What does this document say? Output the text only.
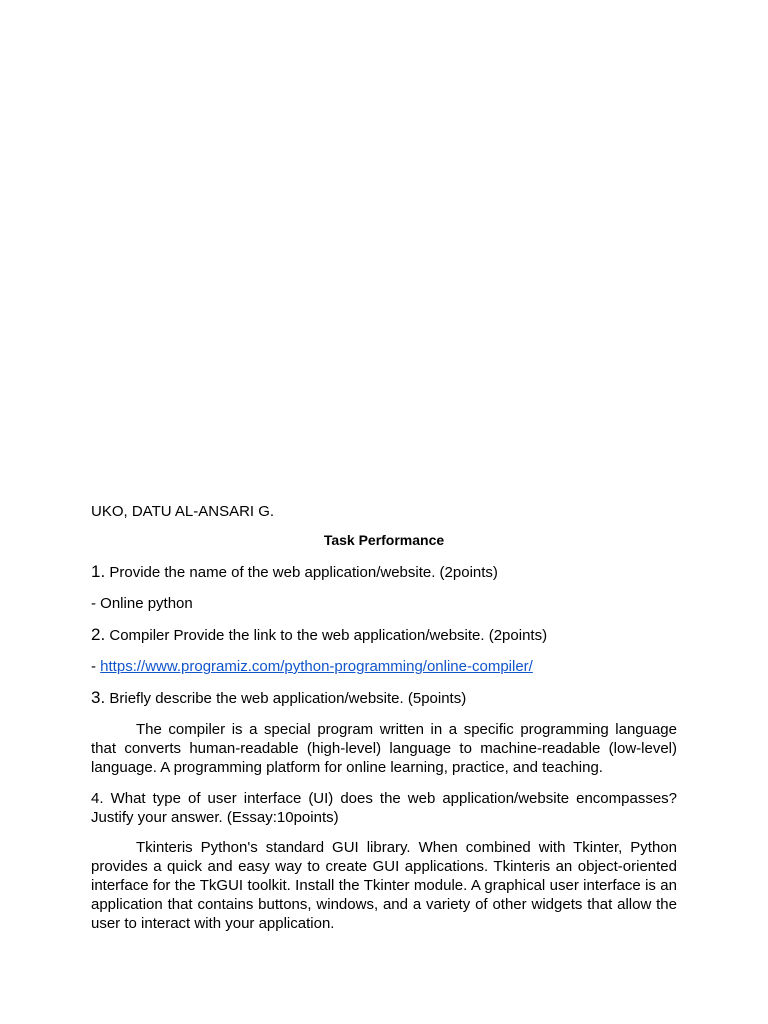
UKO, DATU AL-ANSARI G.

Task Performance

1. Provide the name of the web application/website. (2points)

- Online python

2. Compiler Provide the link to the web application/website. (2points)

- https://www.programiz.com/python-programming/online-compiler/

3. Briefly describe the web application/website. (5points)

The compiler is a special program written in a specific programming language that converts human-readable (high-level) language to machine-readable (low-level) language. A programming platform for online learning, practice, and teaching.

4. What type of user interface (UI) does the web application/website encompasses? Justify your answer. (Essay:10points)

Tkinteris Python's standard GUI library. When combined with Tkinter, Python provides a quick and easy way to create GUI applications. Tkinteris an object-oriented interface for the TkGUI toolkit. Install the Tkinter module. A graphical user interface is an application that contains buttons, windows, and a variety of other widgets that allow the user to interact with your application.
